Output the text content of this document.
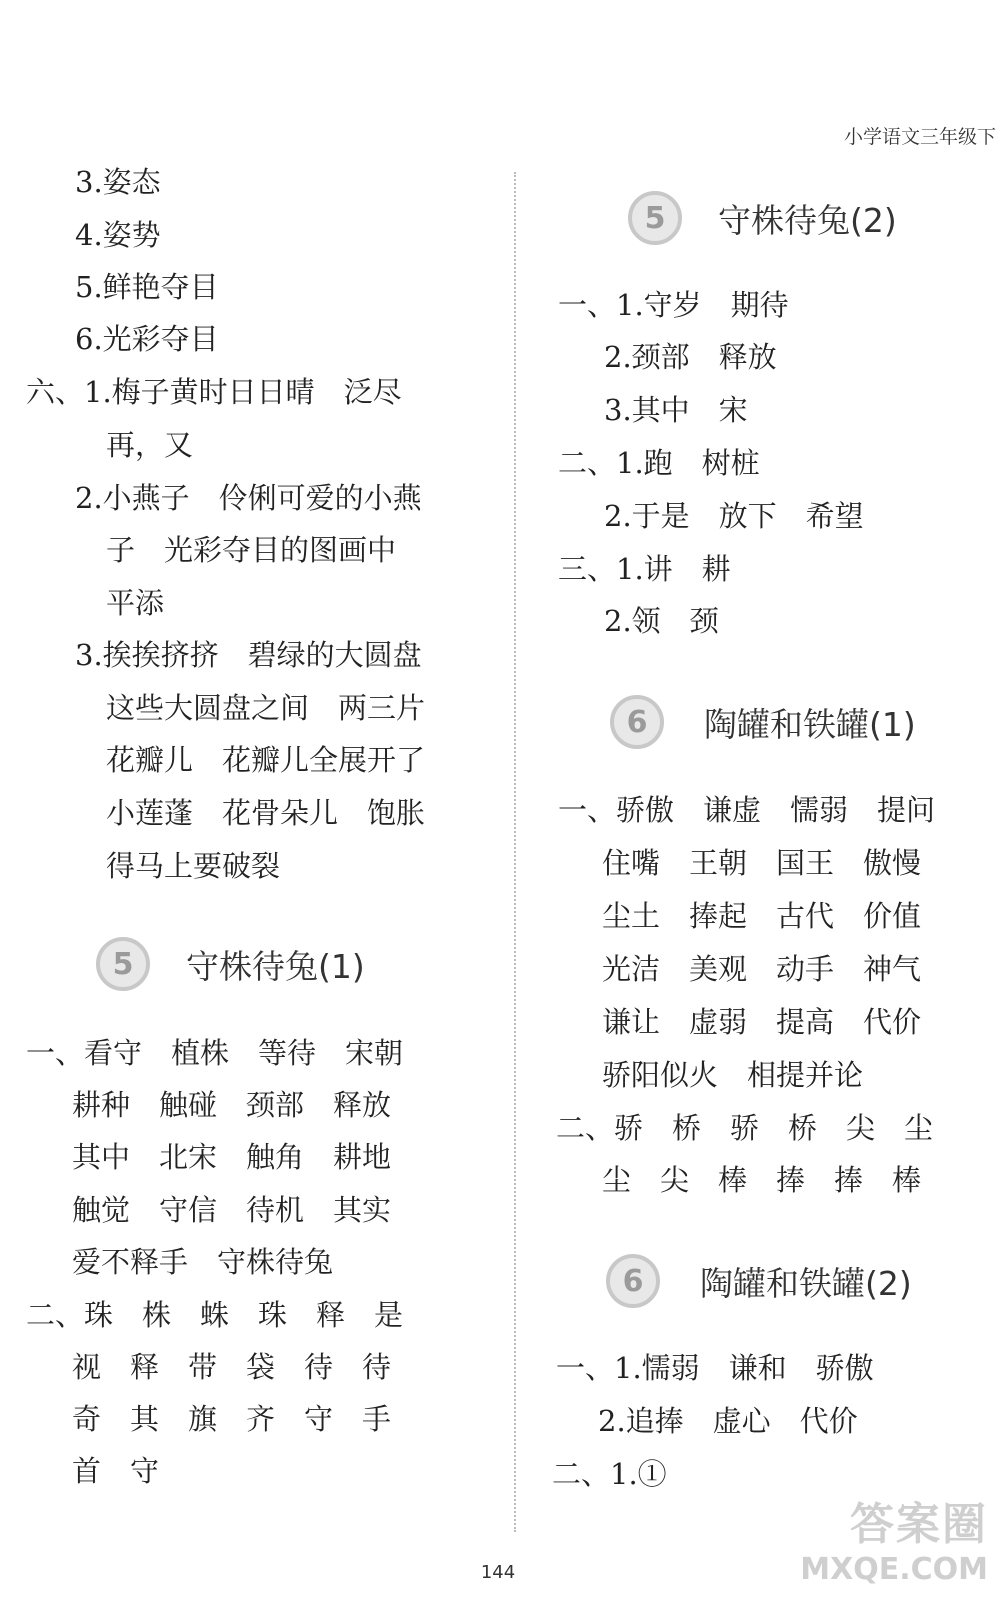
小学语文三年级下
3.姿态
4.姿势
5.鲜艳夺目
6.光彩夺目
六、1.梅子黄时日日晴　泛尽
再，又
2.小燕子　伶俐可爱的小燕
子　光彩夺目的图画中
平添
3.挨挨挤挤　碧绿的大圆盘
这些大圆盘之间　两三片
花瓣儿　花瓣儿全展开了
小莲蓬　花骨朵儿　饱胀
得马上要破裂
5	守株待兔(1)
一、看守　植株　等待　宋朝
耕种　触碰　颈部　释放
其中　北宋　触角　耕地
触觉　守信　待机　其实
爱不释手　守株待兔
二、珠　株　蛛　珠　释　是
视　释　带　袋　待　待
奇　其　旗　齐　守　手
首　守
5	守株待兔(2)
一、1.守岁　期待
2.颈部　释放
3.其中　宋
二、1.跑　树桩
2.于是　放下　希望
三、1.讲　耕
2.领　颈
6	陶罐和铁罐(1)
一、骄傲　谦虚　懦弱　提问
住嘴　王朝　国王　傲慢
尘土　捧起　古代　价值
光洁　美观　动手　神气
谦让　虚弱　提高　代价
骄阳似火　相提并论
二、骄　桥　骄　桥　尖　尘
尘　尖　棒　捧　捧　棒
6	陶罐和铁罐(2)
一、1.懦弱　谦和　骄傲
2.追捧　虚心　代价
二、1.①
144
答案圈
MXQE.COM
